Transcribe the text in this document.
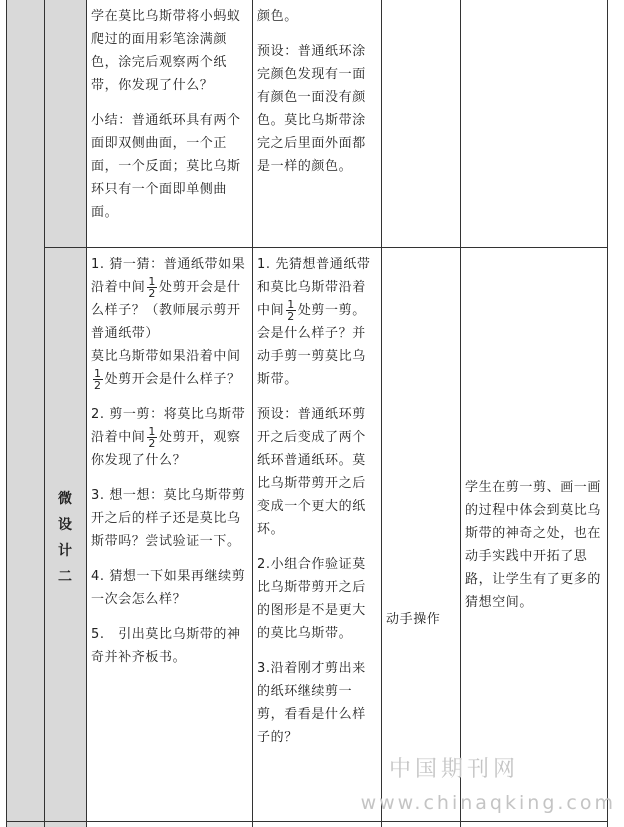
学在莫比乌斯带将小蚂蚁爬过的面用彩笔涂满颜色，涂完后观察两个纸带，你发现了什么？

小结：普通纸环具有两个面即双侧曲面，一个正面，一个反面；莫比乌斯环只有一个面即单侧曲面。

颜色。

预设：普通纸环涂完颜色发现有一面有颜色一面没有颜色。莫比乌斯带涂完之后里面外面都是一样的颜色。

微
设
计
二

1. 猜一猜：普通纸带如果沿着中间 $\frac{1}{2}$ 处剪开会是什么样子？（教师展示剪开普通纸带）

莫比乌斯带如果沿着中间
$\frac{1}{2}$ 处剪开会是什么样子？

2. 剪一剪：将莫比乌斯带沿着中间 $\frac{1}{2}$ 处剪开，观察你发现了什么？

3. 想一想：莫比乌斯带剪开之后的样子还是莫比乌斯带吗？尝试验证一下。

4. 猜想一下如果再继续剪一次会怎么样？

5.　引出莫比乌斯带的神奇并补齐板书。

1. 先猜想普通纸带和莫比乌斯带沿着中间 $\frac{1}{2}$ 处剪一剪。会是什么样子？并动手剪一剪莫比乌斯带。

预设：普通纸环剪开之后变成了两个纸环普通纸环。莫比乌斯带剪开之后变成一个更大的纸环。

2.小组合作验证莫比乌斯带剪开之后的图形是不是更大的莫比乌斯带。

3.沿着刚才剪出来的纸环继续剪一剪，看看是什么样子的？

动手操作

学生在剪一剪、画一画的过程中体会到莫比乌斯带的神奇之处，也在动手实践中开拓了思路，让学生有了更多的猜想空间。

中国期刊网
www.chinaqking.com
